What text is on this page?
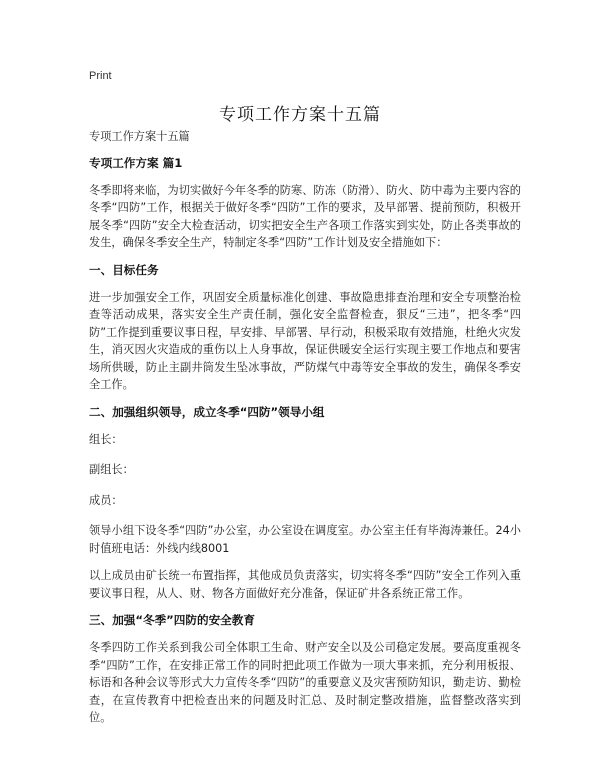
Print
专项工作方案十五篇

专项工作方案十五篇

专项工作方案 篇1

冬季即将来临，为切实做好今年冬季的防寒、防冻（防滑）、防火、防中毒为主要内容的冬季“四防”工作，根据关于做好冬季“四防”工作的要求，及早部署、提前预防，积极开展冬季“四防”安全大检查活动，切实把安全生产各项工作落实到实处，防止各类事故的发生，确保冬季安全生产，特制定冬季“四防”工作计划及安全措施如下：

一、目标任务

进一步加强安全工作，巩固安全质量标准化创建、事故隐患排查治理和安全专项整治检查等活动成果，落实安全生产责任制，强化安全监督检查，狠反“三违”，把冬季“四防”工作提到重要议事日程，早安排、早部署、早行动，积极采取有效措施，杜绝火灾发生，消灭因火灾造成的重伤以上人身事故，保证供暖安全运行实现主要工作地点和要害场所供暖，防止主副井筒发生坠冰事故，严防煤气中毒等安全事故的发生，确保冬季安全工作。

二、加强组织领导，成立冬季“四防”领导小组

组长：

副组长：

成员：

领导小组下设冬季“四防”办公室，办公室设在调度室。办公室主任有毕海涛兼任。24小时值班电话：外线内线8001

以上成员由矿长统一布置指挥，其他成员负责落实，切实将冬季“四防”安全工作列入重要议事日程，从人、财、物各方面做好充分准备，保证矿井各系统正常工作。

三、加强“冬季”四防的安全教育

冬季四防工作关系到我公司全体职工生命、财产安全以及公司稳定发展。要高度重视冬季“四防”工作，在安排正常工作的同时把此项工作做为一项大事来抓，充分利用板报、标语和各种会议等形式大力宣传冬季“四防”的重要意义及灾害预防知识，勤走访、勤检查，在宣传教育中把检查出来的问题及时汇总、及时制定整改措施，监督整改落实到位。
